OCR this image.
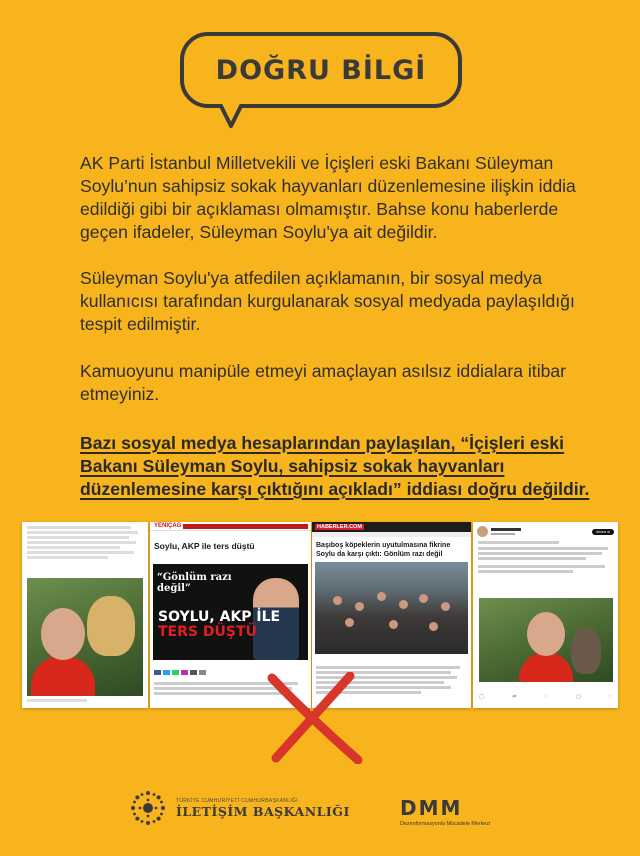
DOĞRU BİLGİ

AK Parti İstanbul Milletvekili ve İçişleri eski Bakanı Süleyman Soylu’nun sahipsiz sokak hayvanları düzenlemesine ilişkin iddia edildiği gibi bir açıklaması olmamıştır. Bahse konu haberlerde geçen ifadeler, Süleyman Soylu'ya ait değildir.

Süleyman Soylu'ya atfedilen açıklamanın, bir sosyal medya kullanıcısı tarafından kurgulanarak sosyal medyada paylaşıldığı tespit edilmiştir.

Kamuoyunu manipüle etmeyi amaçlayan asılsız iddialara itibar etmeyiniz.

Bazı sosyal medya hesaplarından paylaşılan, “İçişleri eski Bakanı Süleyman Soylu, sahipsiz sokak hayvanları düzenlemesine karşı çıktığını açıkladı” iddiası doğru değildir.

YENİÇAĞ
Soylu, AKP ile ters düştü
“Gönlüm razı değil”
SOYLU, AKP İLE
TERS DÜŞTÜ
HABERLER.COM
Başıboş köpeklerin uyutulmasına fikrine Soylu da karşı çıktı: Gönlüm razı değil
Abone ol
◯	⇄	♡	▢	↑
TÜRKİYE CUMHURİYETİ CUMHURBAŞKANLIĞI
İLETİŞİM BAŞKANLIĞI	DMM
Dezenformasyonla Mücadele Merkezi
